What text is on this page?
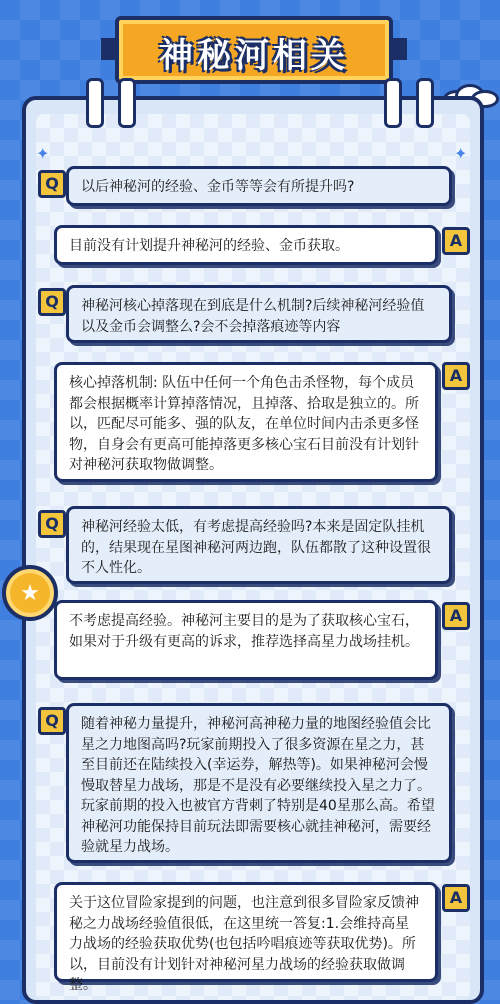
神秘河相关
✦	✦
★
Q	以后神秘河的经验、金币等等会有所提升吗?
目前没有计划提升神秘河的经验、金币获取。	A
Q	神秘河核心掉落现在到底是什么机制?后续神秘河经验值以及金币会调整么?会不会掉落痕迹等内容
核心掉落机制: 队伍中任何一个角色击杀怪物，每个成员都会根据概率计算掉落情况，且掉落、拾取是独立的。所以，匹配尽可能多、强的队友，在单位时间内击杀更多怪物，自身会有更高可能掉落更多核心宝石目前没有计划针对神秘河获取物做调整。
A
Q	神秘河经验太低，有考虑提高经验吗?本来是固定队挂机的，结果现在星图神秘河两边跑，队伍都散了这种设置很不人性化。
不考虑提高经验。神秘河主要目的是为了获取核心宝石，如果对于升级有更高的诉求，推荐选择高星力战场挂机。
A
Q	随着神秘力量提升，神秘河高神秘力量的地图经验值会比星之力地图高吗?玩家前期投入了很多资源在星之力，甚至目前还在陆续投入(幸运券，解热等)。如果神秘河会慢慢取替星力战场，那是不是没有必要继续投入星之力了。玩家前期的投入也被官方背刺了特别是40星那么高。希望神秘河功能保持目前玩法即需要核心就挂神秘河，需要经验就星力战场。
关于这位冒险家提到的问题，也注意到很多冒险家反馈神秘之力战场经验值很低，在这里统一答复:1.会维持高星力战场的经验获取优势(也包括吟唱痕迹等获取优势)。所以，目前没有计划针对神秘河星力战场的经验获取做调整。
A
